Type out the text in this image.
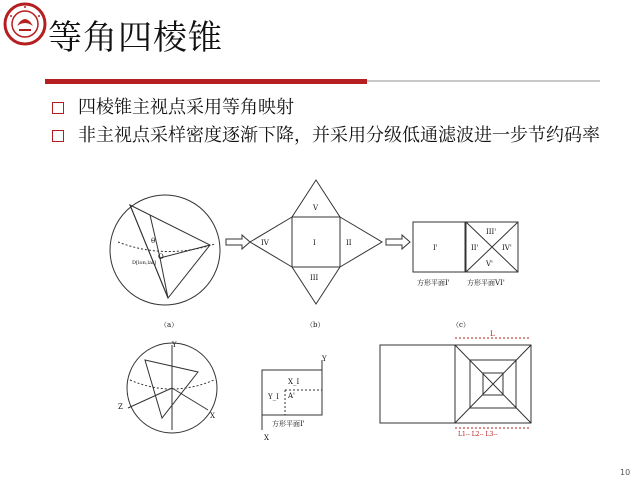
等角四棱锥
四棱锥主视点采用等角映射
非主视点采样密度逐渐下降，并采用分级低通滤波进一步节约码率
θ
O
D[lon,lat]
（a）
V
IV	I	II
III
（b）
I'
III'
II'	IV'
V'
方形平面I' 方形平面VI'
（c）
Y
X
Z
Y
X
X_I
Y_I A'
方形平面I'
L
L1-- L2-- L3--
10
